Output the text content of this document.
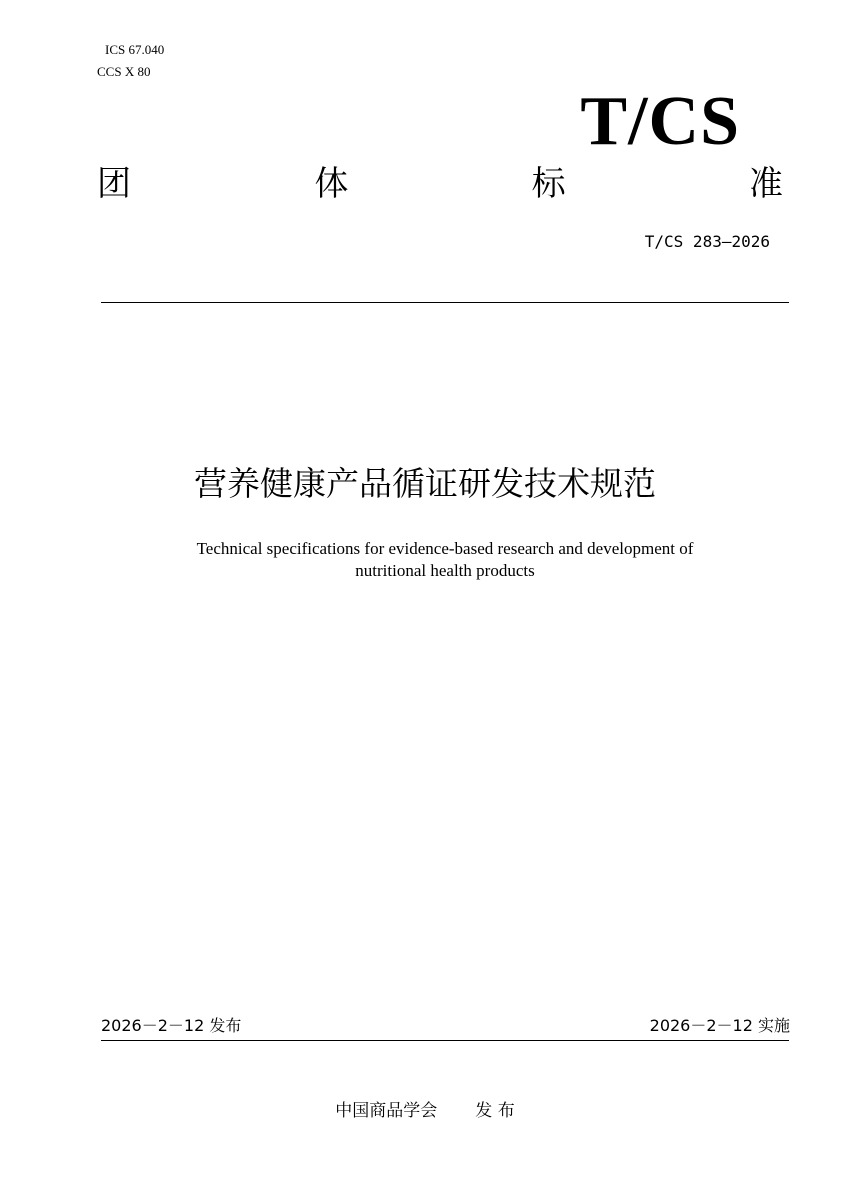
ICS 67.040
CCS X 80
T/CS
团	体	标	准
T/CS 283—2026
营养健康产品循证研发技术规范
Technical specifications for evidence-based research and development of
nutritional health products
2026－2－12 发布	2026－2－12 实施
中国商品学会 发 布
